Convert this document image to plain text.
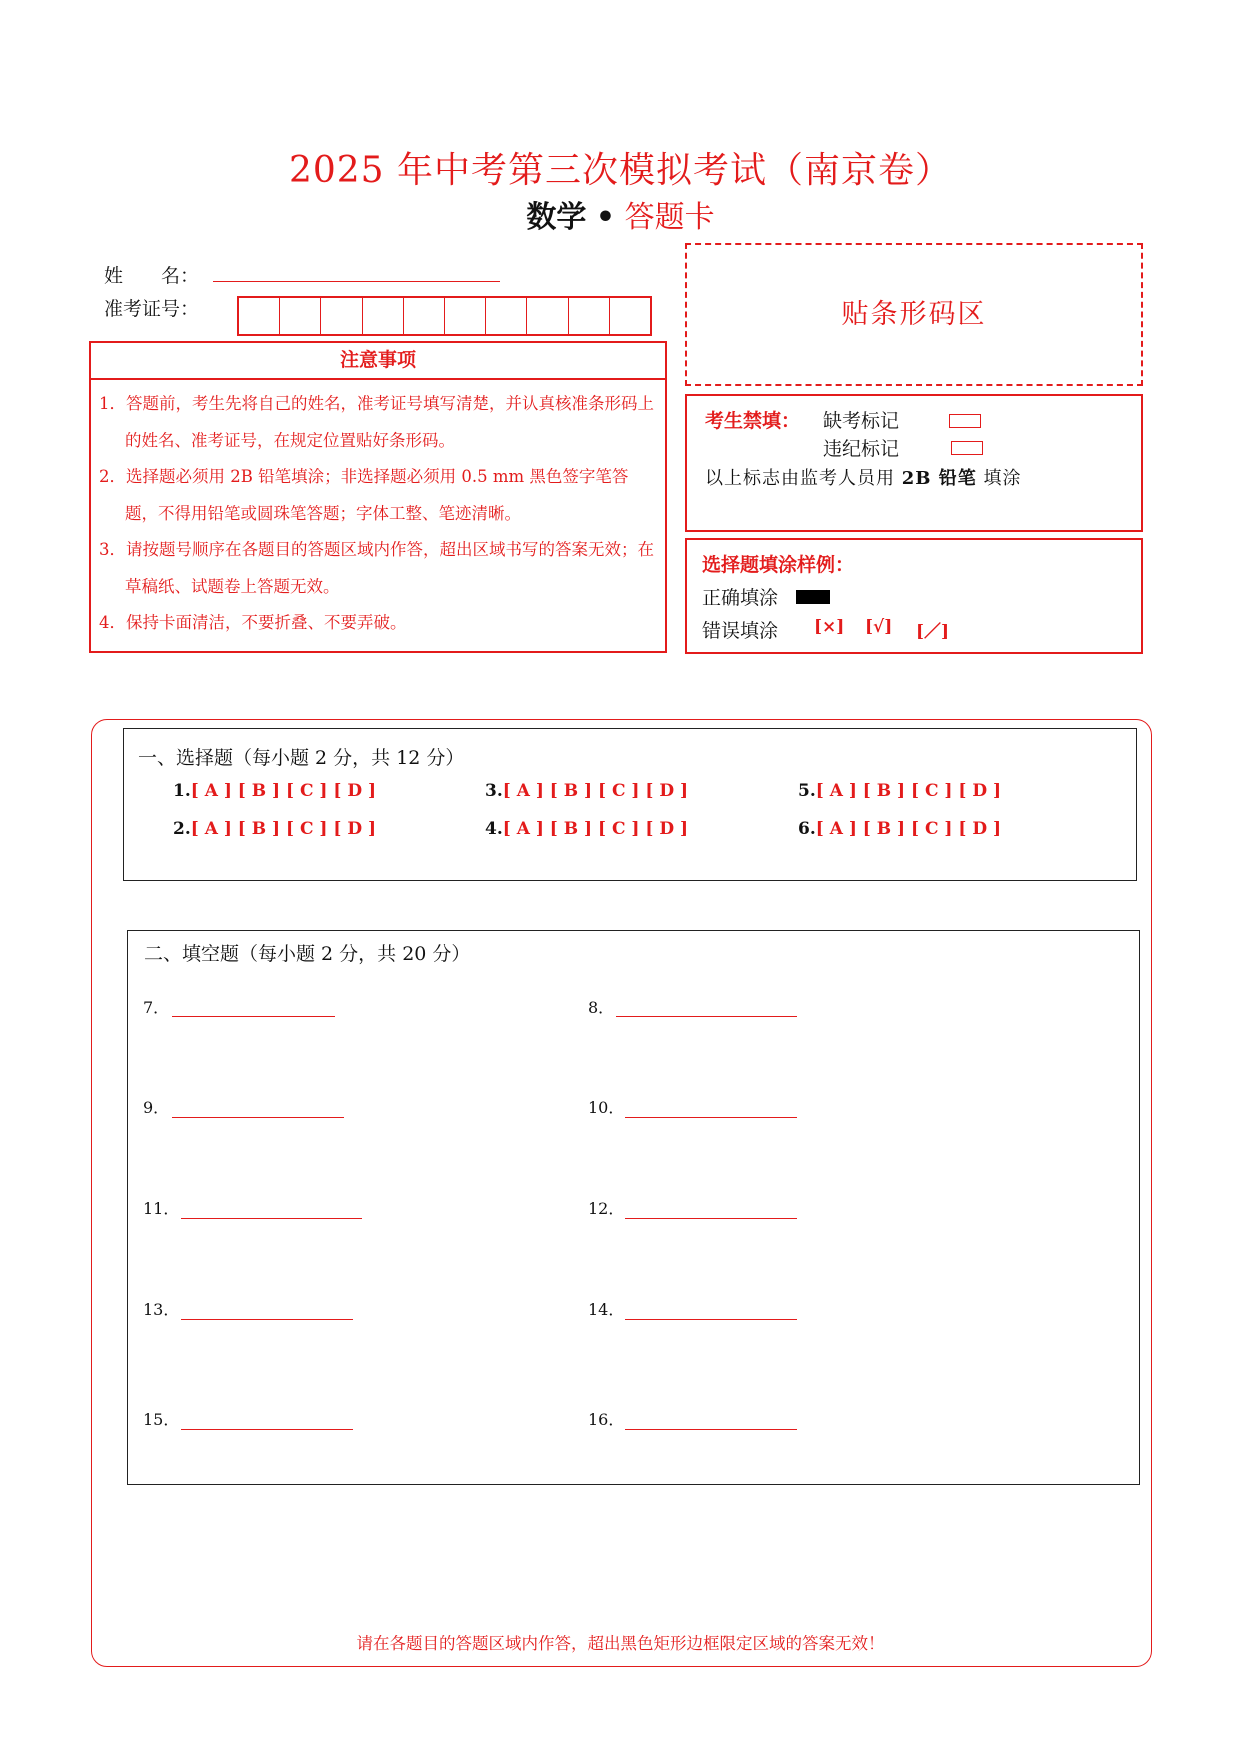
2025 年中考第三次模拟考试（南京卷）
数学 • 答题卡
姓　　名：
准考证号：
注意事项
1．答题前，考生先将自己的姓名，准考证号填写清楚，并认真核准条形码上的姓名、准考证号，在规定位置贴好条形码。
2．选择题必须用 2B 铅笔填涂；非选择题必须用 0.5 mm 黑色签字笔答题，不得用铅笔或圆珠笔答题；字体工整、笔迹清晰。
3．请按题号顺序在各题目的答题区域内作答，超出区域书写的答案无效；在草稿纸、试题卷上答题无效。
4．保持卡面清洁，不要折叠、不要弄破。
贴条形码区
考生禁填： 缺考标记
违纪标记
以上标志由监考人员用 2B 铅笔 填涂
选择题填涂样例：
正确填涂
错误填涂 [×] [√] [／]
一、选择题（每小题 2 分，共 12 分）
1.[ A ] [ B ] [ C ] [ D ]
2.[ A ] [ B ] [ C ] [ D ]
3.[ A ] [ B ] [ C ] [ D ]
4.[ A ] [ B ] [ C ] [ D ]
5.[ A ] [ B ] [ C ] [ D ]
6.[ A ] [ B ] [ C ] [ D ]
二、填空题（每小题 2 分，共 20 分）
7．	8．
9．	10．
11．	12．
13．	14．
15．	16．
请在各题目的答题区域内作答，超出黑色矩形边框限定区域的答案无效！
